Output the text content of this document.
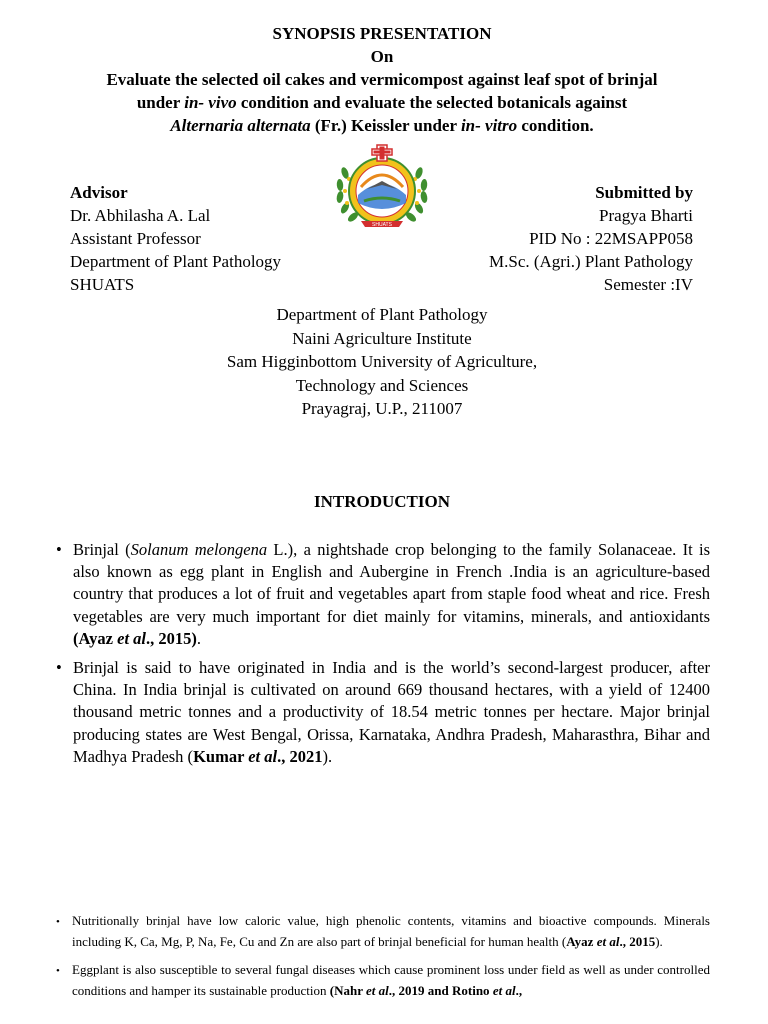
SYNOPSIS PRESENTATION
On
Evaluate the selected oil cakes and vermicompost against leaf spot of brinjal
under in- vivo condition and evaluate the selected botanicals against
Alternaria alternata (Fr.) Keissler under in- vitro condition.
SHUATS
Advisor
Dr. Abhilasha A. Lal
Assistant Professor
Department of Plant Pathology
SHUATS
Submitted by
Pragya Bharti
PID No : 22MSAPP058
M.Sc. (Agri.) Plant Pathology
Semester :IV
Department of Plant Pathology
Naini Agriculture Institute
Sam Higginbottom University of Agriculture,
Technology and Sciences
Prayagraj, U.P., 211007
INTRODUCTION
• Brinjal (Solanum melongena L.), a nightshade crop belonging to the family Solanaceae. It is also known as egg plant in English and Aubergine in French .India is an agriculture-based country that produces a lot of fruit and vegetables apart from staple food wheat and rice. Fresh vegetables are very much important for diet mainly for vitamins, minerals, and antioxidants (Ayaz et al., 2015).
• Brinjal is said to have originated in India and is the world’s second-largest producer, after China. In India brinjal is cultivated on around 669 thousand hectares, with a yield of 12400 thousand metric tonnes and a productivity of 18.54 metric tonnes per hectare. Major brinjal producing states are West Bengal, Orissa, Karnataka, Andhra Pradesh, Maharasthra, Bihar and Madhya Pradesh (Kumar et al., 2021).
• Nutritionally brinjal have low caloric value, high phenolic contents, vitamins and bioactive compounds. Minerals including K, Ca, Mg, P, Na, Fe, Cu and Zn are also part of brinjal beneficial for human health (Ayaz et al., 2015).
• Eggplant is also susceptible to several fungal diseases which cause prominent loss under field as well as under controlled conditions and hamper its sustainable production (Nahr et al., 2019 and Rotino et al.,
